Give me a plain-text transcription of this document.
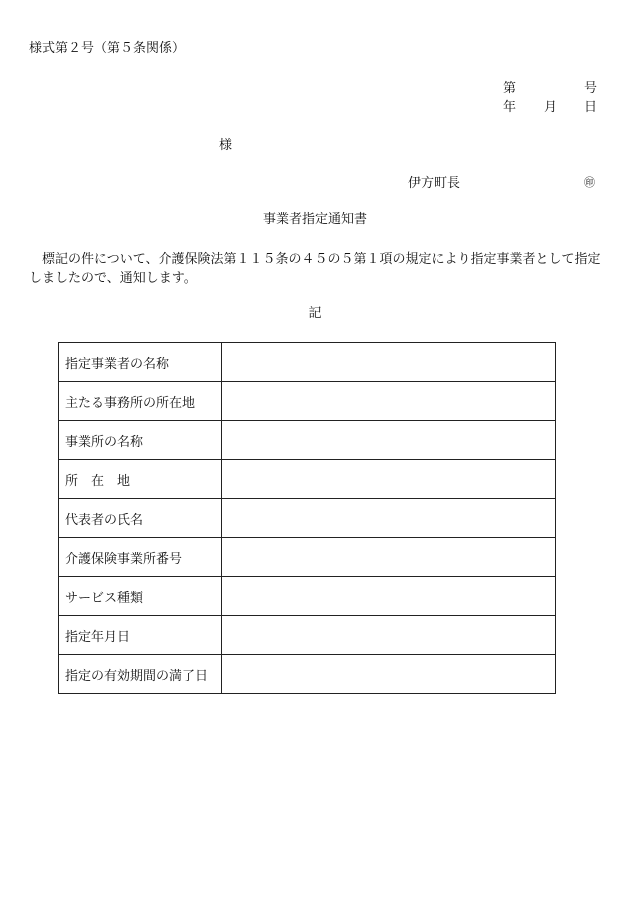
様式第２号（第５条関係）
第	号
年 月 日
様
伊方町長	㊞
事業者指定通知書
標記の件について、介護保険法第１１５条の４５の５第１項の規定により指定事業者として指定しましたので、通知します。
記
指定事業者の名称	
主たる事務所の所在地	
事業所の名称	
所　在　地	
代表者の氏名	
介護保険事業所番号	
サービス種類	
指定年月日	
指定の有効期間の満了日	
